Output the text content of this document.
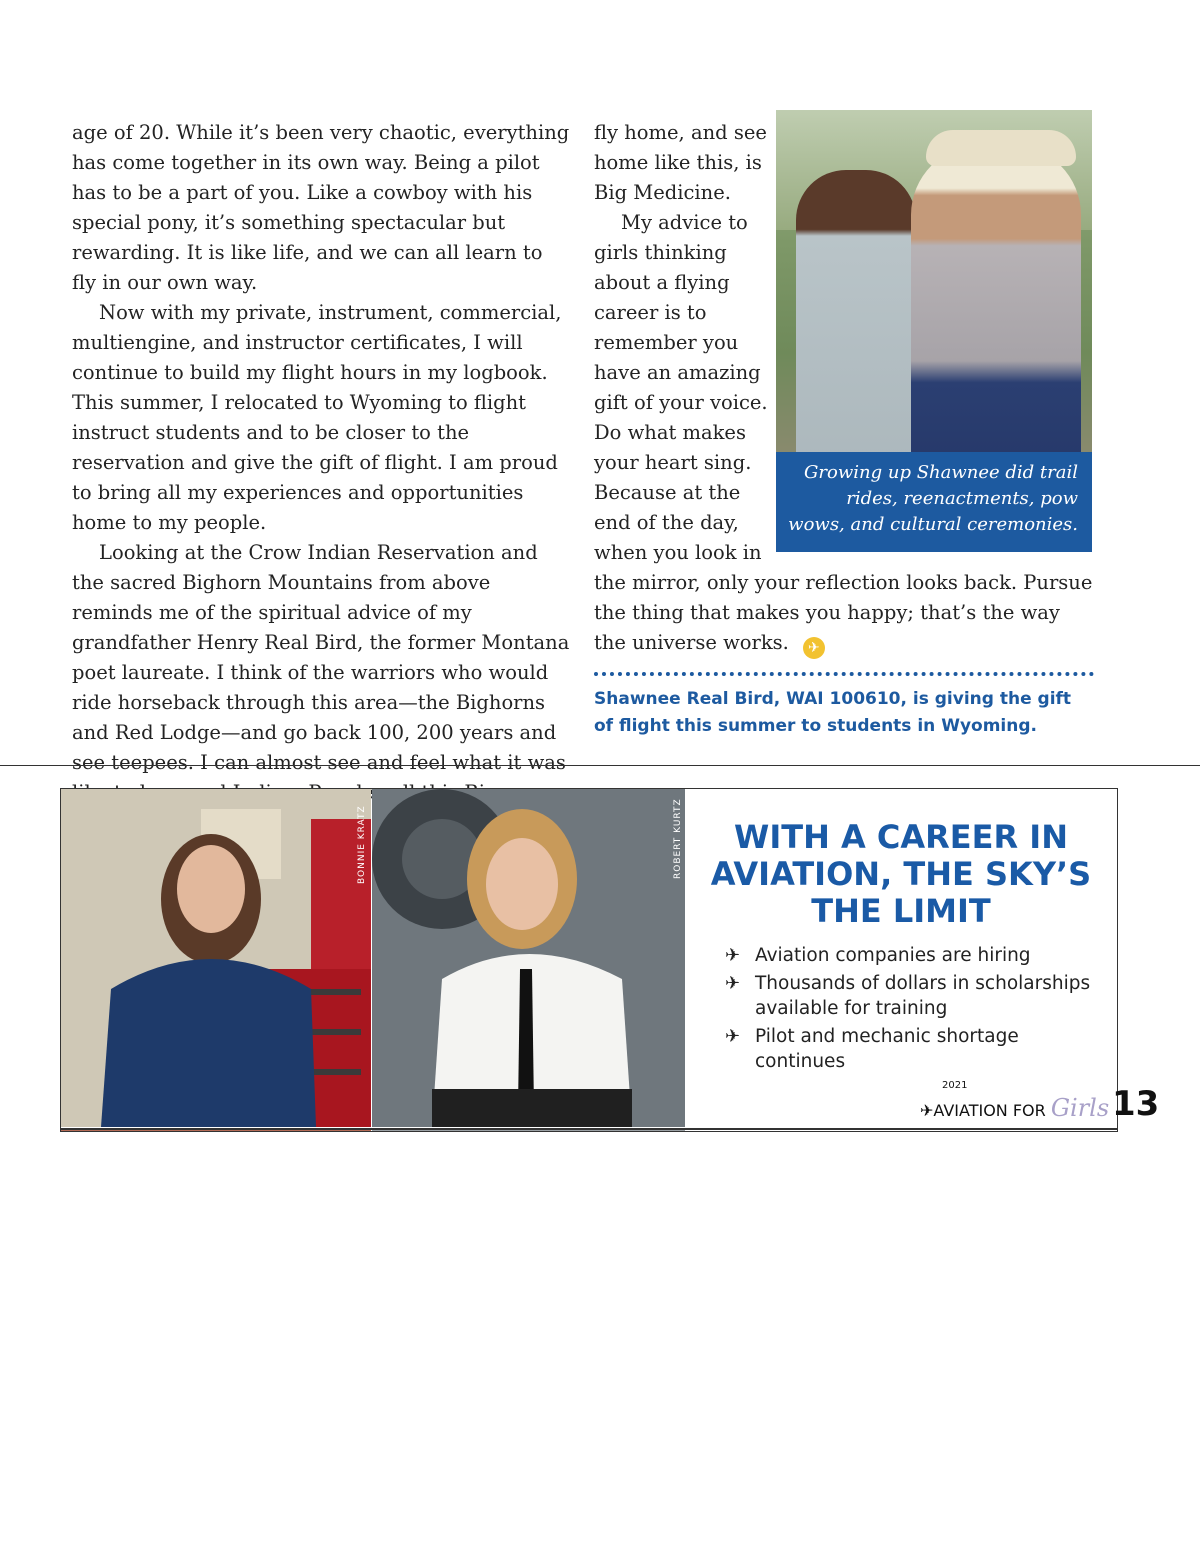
age of 20. While it’s been very chaotic, everything has come together in its own way. Being a pilot has to be a part of you. Like a cowboy with his special pony, it’s something spectacular but rewarding. It is like life, and we can all learn to fly in our own way.

Now with my private, instrument, commercial, multiengine, and instructor certificates, I will continue to build my flight hours in my logbook. This summer, I relocated to Wyoming to flight instruct students and to be closer to the reservation and give the gift of flight. I am proud to bring all my experiences and opportunities home to my people.

Looking at the Crow Indian Reservation and the sacred Bighorn Mountains from above reminds me of the spiritual advice of my grandfather Henry Real Bird, the former Montana poet laureate. I think of the warriors who would ride horseback through this area—the Bighorns and Red Lodge—and go back 100, 200 years and see teepees. I can almost see and feel what it was

fly home, and see home like this, is Big Medicine.

My advice to girls thinking about a flying career is to remember you have an amazing gift of your voice. Do what makes your heart sing. Because at the end of the day, when you look in

Growing up Shawnee did trail rides, reenactments, pow wows, and cultural ceremonies.

the mirror, only your reflection looks back. Pursue the thing that makes you happy; that’s the way the universe works. ✈

Shawnee Real Bird, WAI 100610, is giving the gift of flight this summer to students in Wyoming.

BONNIE KRATZ	ROBERT KURTZ	WITH A CAREER IN AVIATION, THE SKY’S THE LIMIT

✈ Aviation companies are hiring
✈ Thousands of dollars in scholarships available for training
✈ Pilot and mechanic shortage continues
2021
✈AVIATION FOR Girls 13
